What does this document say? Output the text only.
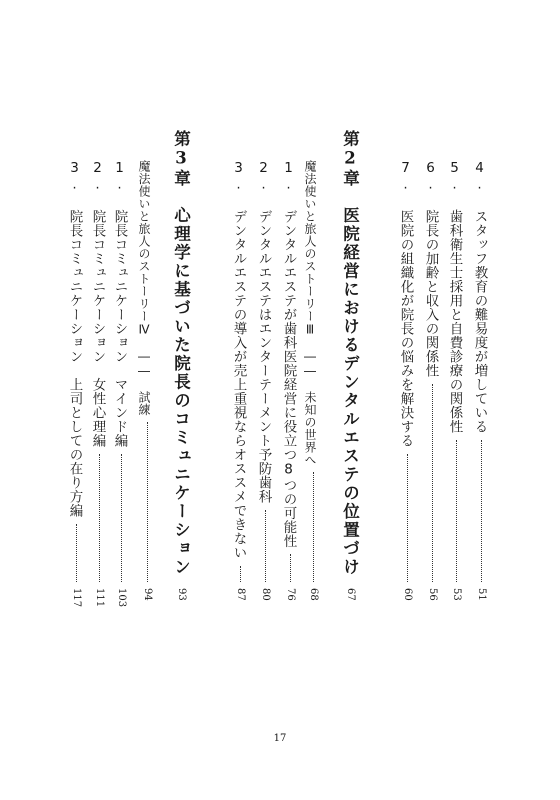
4. スタッフ教育の難易度が増している
51
5. 歯科衛生士採用と自費診療の関係性
53
6. 院長の加齢と収入の関係性
56
7. 医院の組織化が院長の悩みを解決する
60
第2章　医院経営におけるデンタルエステの位置づけ
67
魔法使いと旅人のストーリーⅢ　――　未知の世界へ
68
1. デンタルエステが歯科医院経営に役立つ8つの可能性
76
2. デンタルエステはエンターテーメント予防歯科
80
3. デンタルエステの導入が売上重視ならオススメできない
87
第3章　心理学に基づいた院長のコミュニケーション
93
魔法使いと旅人のストーリーⅣ　――　試練
94
1. 院長コミュニケーション　マインド編
103
2. 院長コミュニケーション　女性心理編
111
3. 院長コミュニケーション　上司としての在り方編
117
17
